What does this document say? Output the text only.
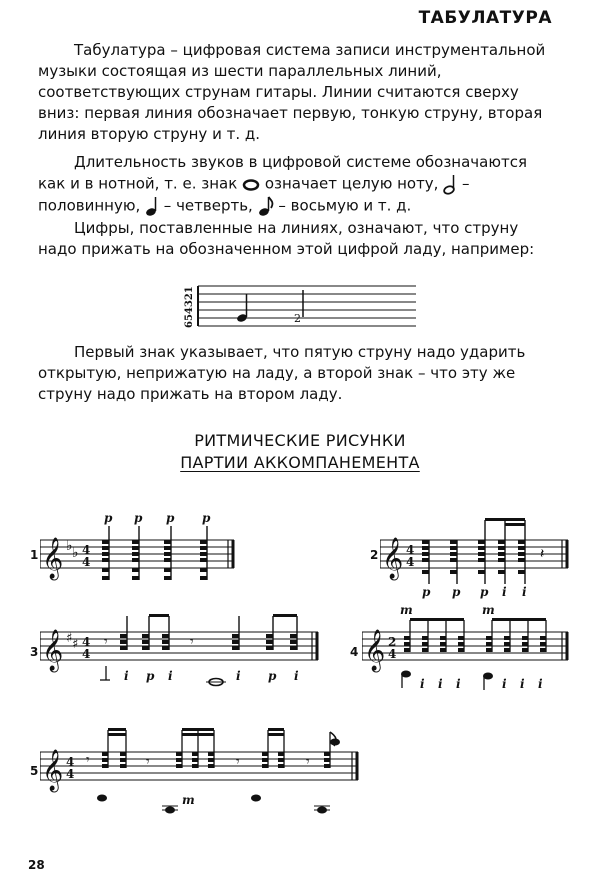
ТАБУЛАТУРА
Табулатура – цифровая система записи инструментальной музыки состоящая из шести параллельных линий, соответствующих струнам гитары. Линии считаются сверху вниз: первая линия обозначает первую, тонкую струну, вторая линия вторую струну и т. д.
Длительность звуков в цифровой системе обозначаются как и в нотной, т. е. знак означает целую ноту, – половинную, – четверть, – восьмую и т. д.
Цифры, поставленные на линиях, означают, что струну надо прижать на обозначенном этой цифрой ладу, например:
654321	2
Первый знак указывает, что пятую струну надо ударить открытую, неприжатую на ладу, а второй знак – что эту же струну надо прижать на втором ладу.
РИТМИЧЕСКИЕ РИСУНКИ
ПАРТИИ АККОМПАНЕМЕНТА
1 𝄞 ♭ ♭ 4
4
p p p p
2 𝄞 4
4	𝄽
p p p i i
3 𝄞 ♯ ♯ 4
4
𝄾	𝄾
i p i	i p i
4 𝄞 2
4
m	m
i i i	i i i
5 𝄞 4
4
𝄾	𝄾	𝄾	𝄾
m
28
